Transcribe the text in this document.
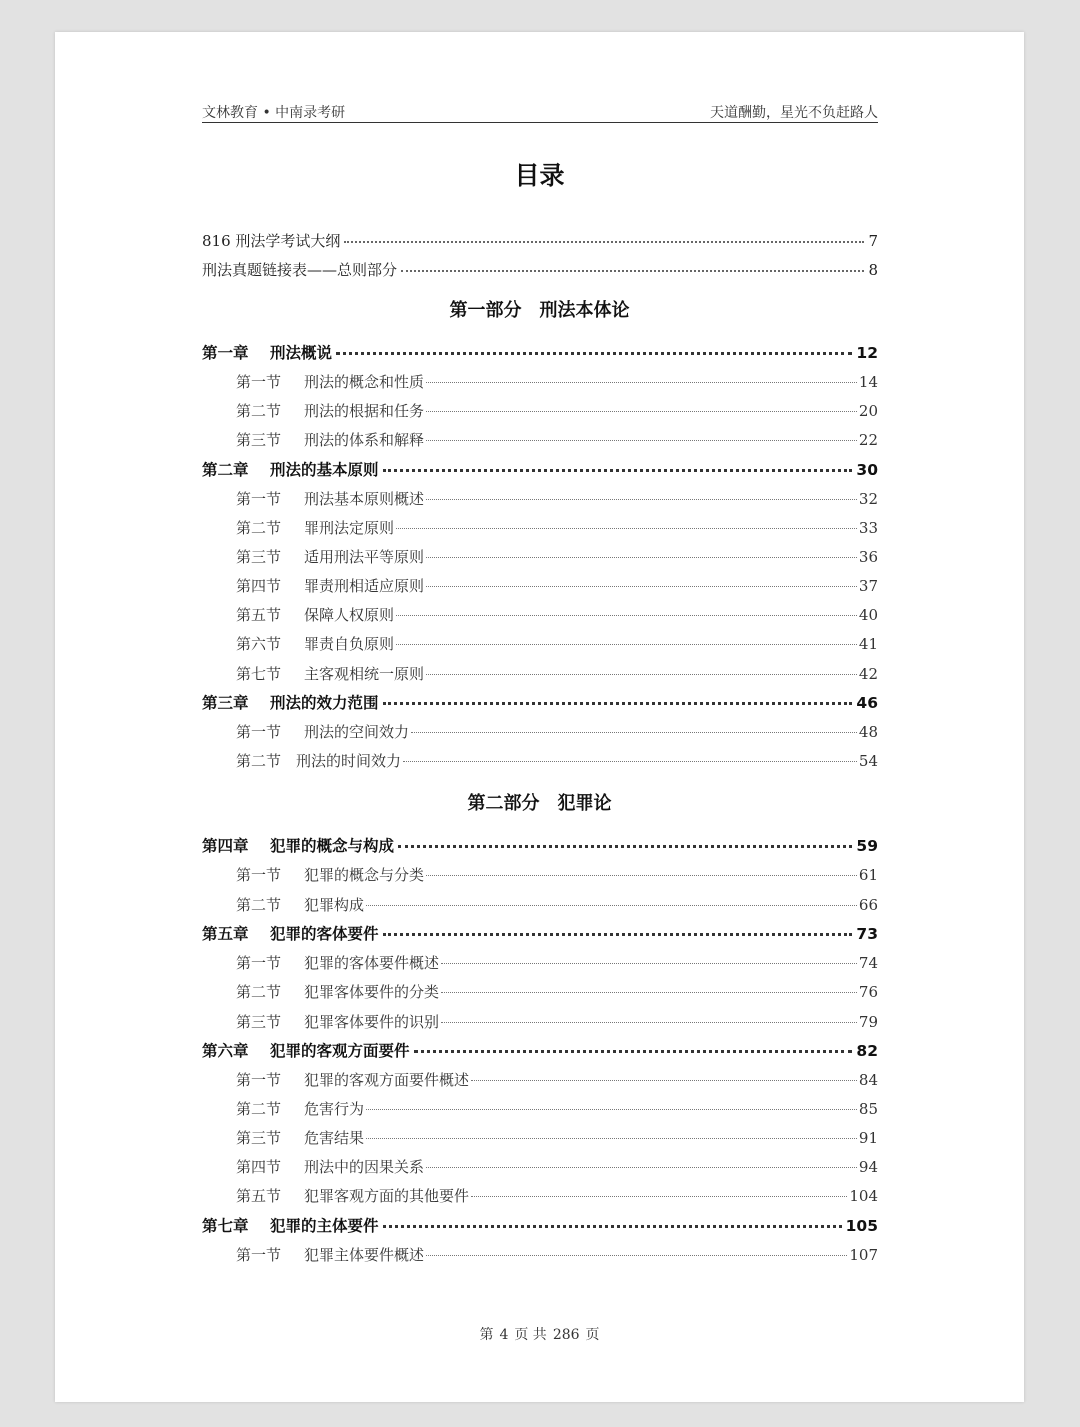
文林教育 • 中南录考研	天道酬勤，星光不负赶路人
目录
816 刑法学考试大纲	7
刑法真题链接表——总则部分	8
第一部分　刑法本体论
第一章	刑法概说	12
第一节	刑法的概念和性质	14
第二节	刑法的根据和任务	20
第三节	刑法的体系和解释	22
第二章	刑法的基本原则	30
第一节	刑法基本原则概述	32
第二节	罪刑法定原则	33
第三节	适用刑法平等原则	36
第四节	罪责刑相适应原则	37
第五节	保障人权原则	40
第六节	罪责自负原则	41
第七节	主客观相统一原则	42
第三章	刑法的效力范围	46
第一节	刑法的空间效力	48
第二节 刑法的时间效力	54
第二部分　犯罪论
第四章	犯罪的概念与构成	59
第一节	犯罪的概念与分类	61
第二节	犯罪构成	66
第五章	犯罪的客体要件	73
第一节	犯罪的客体要件概述	74
第二节	犯罪客体要件的分类	76
第三节	犯罪客体要件的识别	79
第六章	犯罪的客观方面要件	82
第一节	犯罪的客观方面要件概述	84
第二节	危害行为	85
第三节	危害结果	91
第四节	刑法中的因果关系	94
第五节	犯罪客观方面的其他要件	104
第七章	犯罪的主体要件	105
第一节	犯罪主体要件概述	107
第 4 页 共 286 页
